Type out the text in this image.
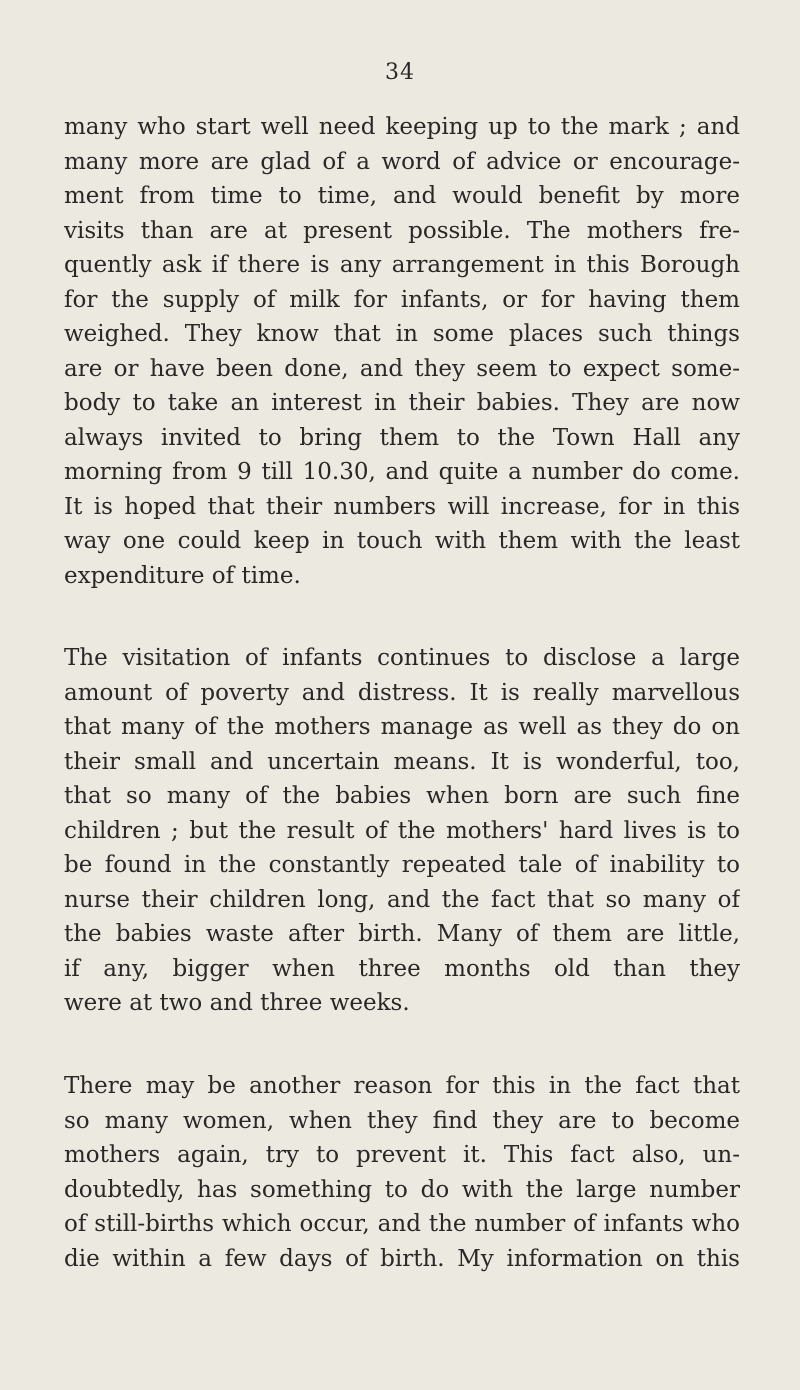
34
many who start well need keeping up to the mark ; and
many more are glad of a word of advice or encourage-
ment from time to time, and would benefit by more
visits than are at present possible. The mothers fre-
quently ask if there is any arrangement in this Borough
for the supply of milk for infants, or for having them
weighed. They know that in some places such things
are or have been done, and they seem to expect some-
body to take an interest in their babies. They are now
always invited to bring them to the Town Hall any
morning from 9 till 10.30, and quite a number do come.
It is hoped that their numbers will increase, for in this
way one could keep in touch with them with the least
expenditure of time.
The visitation of infants continues to disclose a large
amount of poverty and distress. It is really marvellous
that many of the mothers manage as well as they do on
their small and uncertain means. It is wonderful, too,
that so many of the babies when born are such fine
children ; but the result of the mothers' hard lives is to
be found in the constantly repeated tale of inability to
nurse their children long, and the fact that so many of
the babies waste after birth. Many of them are little,
if any, bigger when three months old than they
were at two and three weeks.
There may be another reason for this in the fact that
so many women, when they find they are to become
mothers again, try to prevent it. This fact also, un-
doubtedly, has something to do with the large number
of still-births which occur, and the number of infants who
die within a few days of birth. My information on this
